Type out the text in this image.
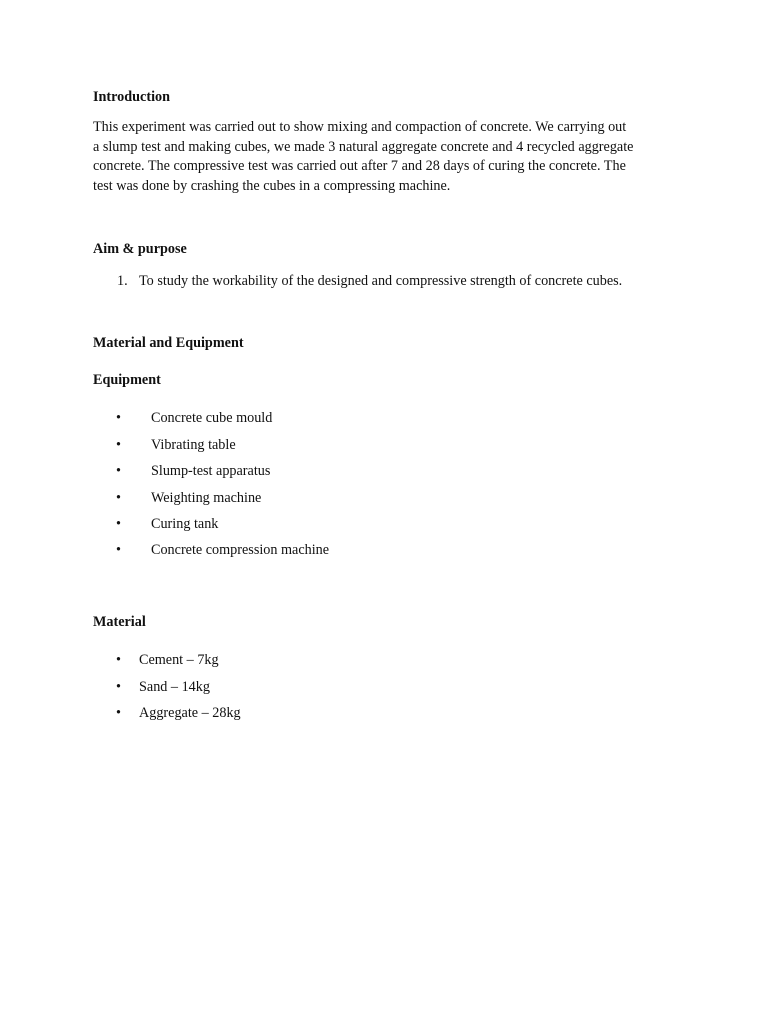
Introduction

This experiment was carried out to show mixing and compaction of concrete. We carrying out
a slump test and making cubes, we made 3 natural aggregate concrete and 4 recycled aggregate
concrete. The compressive test was carried out after 7 and 28 days of curing the concrete. The
test was done by crashing the cubes in a compressing machine.

Aim & purpose
1. To study the workability of the designed and compressive strength of concrete cubes.
Material and Equipment
Equipment
• Concrete cube mould
• Vibrating table
• Slump-test apparatus
• Weighting machine
• Curing tank
• Concrete compression machine
Material
• Cement – 7kg
• Sand – 14kg
• Aggregate – 28kg
